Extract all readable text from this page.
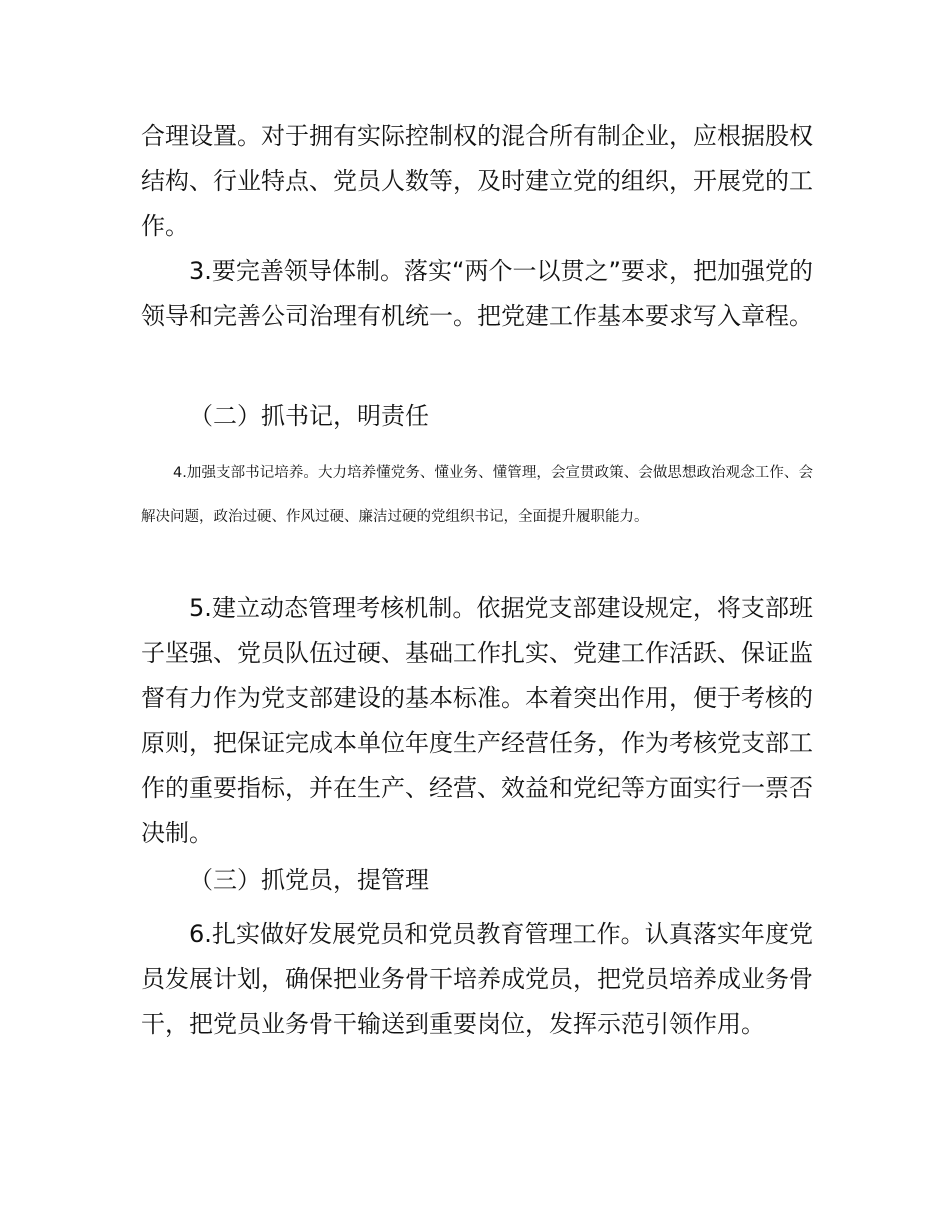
合理设置。对于拥有实际控制权的混合所有制企业，应根据股权结构、行业特点、党员人数等，及时建立党的组织，开展党的工作。

3.要完善领导体制。落实“两个一以贯之”要求，把加强党的领导和完善公司治理有机统一。把党建工作基本要求写入章程。

（二）抓书记，明责任

4.加强支部书记培养。大力培养懂党务、懂业务、懂管理，会宣贯政策、会做思想政治观念工作、会解决问题，政治过硬、作风过硬、廉洁过硬的党组织书记，全面提升履职能力。

5.建立动态管理考核机制。依据党支部建设规定，将支部班子坚强、党员队伍过硬、基础工作扎实、党建工作活跃、保证监督有力作为党支部建设的基本标准。本着突出作用，便于考核的原则，把保证完成本单位年度生产经营任务，作为考核党支部工作的重要指标，并在生产、经营、效益和党纪等方面实行一票否决制。

（三）抓党员，提管理

6.扎实做好发展党员和党员教育管理工作。认真落实年度党员发展计划，确保把业务骨干培养成党员，把党员培养成业务骨干，把党员业务骨干输送到重要岗位，发挥示范引领作用。
